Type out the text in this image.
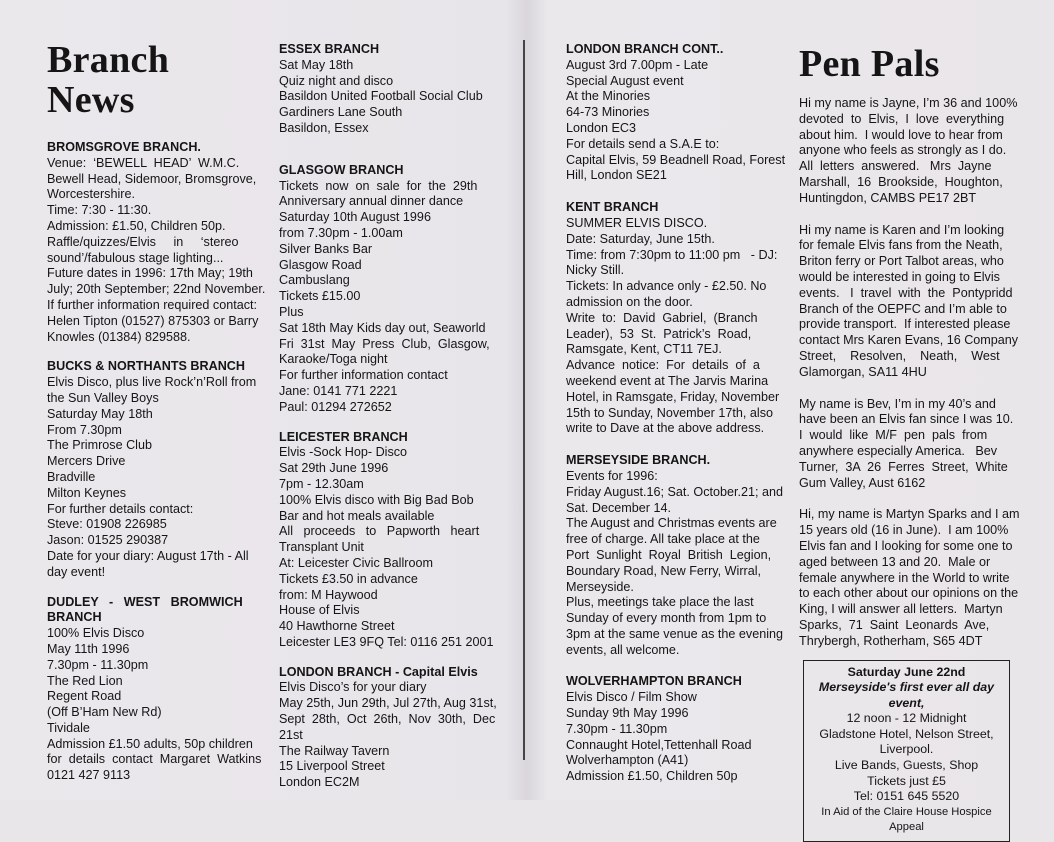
Branch News
BROMSGROVE BRANCH.
Venue:  ‘BEWELL  HEAD’  W.M.C.
Bewell Head, Sidemoor, Bromsgrove,
Worcestershire.
Time: 7:30 - 11:30.
Admission: £1.50, Children 50p.
Raffle/quizzes/Elvis     in     ‘stereo
sound’/fabulous stage lighting...
Future dates in 1996: 17th May; 19th
July; 20th September; 22nd November.
If further information required contact:
Helen Tipton (01527) 875303 or Barry
Knowles (01384) 829588.
BUCKS & NORTHANTS BRANCH
Elvis Disco, plus live Rock’n’Roll from
the Sun Valley Boys
Saturday May 18th
From 7.30pm
The Primrose Club
Mercers Drive
Bradville
Milton Keynes
For further details contact:
Steve: 01908 226985
Jason: 01525 290387
Date for your diary: August 17th - All
day event!
DUDLEY   -   WEST   BROMWICH
BRANCH
100% Elvis Disco
May 11th 1996
7.30pm - 11.30pm
The Red Lion
Regent Road
(Off B’Ham New Rd)
Tividale
Admission £1.50 adults, 50p children
for  details  contact  Margaret  Watkins
0121 427 9113
ESSEX BRANCH
Sat May 18th
Quiz night and disco
Basildon United Football Social Club
Gardiners Lane South
Basildon, Essex
GLASGOW BRANCH
Tickets  now  on  sale  for  the  29th
Anniversary annual dinner dance
Saturday 10th August 1996
from 7.30pm - 1.00am
Silver Banks Bar
Glasgow Road
Cambuslang
Tickets £15.00
Plus
Sat 18th May Kids day out, Seaworld
Fri  31st  May  Press  Club,  Glasgow,
Karaoke/Toga night
For further information contact
Jane: 0141 771 2221
Paul: 01294 272652
LEICESTER BRANCH
Elvis -Sock Hop- Disco
Sat 29th June 1996
7pm - 12.30am
100% Elvis disco with Big Bad Bob
Bar and hot meals available
All   proceeds   to   Papworth   heart
Transplant Unit
At: Leicester Civic Ballroom
Tickets £3.50 in advance
from: M Haywood
House of Elvis
40 Hawthorne Street
Leicester LE3 9FQ Tel: 0116 251 2001
LONDON BRANCH - Capital Elvis
Elvis Disco’s for your diary
May 25th, Jun 29th, Jul 27th, Aug 31st,
Sept  28th,  Oct  26th,  Nov  30th,  Dec
21st
The Railway Tavern
15 Liverpool Street
London EC2M
LONDON BRANCH CONT..
August 3rd 7.00pm - Late
Special August event
At the Minories
64-73 Minories
London EC3
For details send a S.A.E to:
Capital Elvis, 59 Beadnell Road, Forest
Hill, London SE21
KENT BRANCH
SUMMER ELVIS DISCO.
Date: Saturday, June 15th.
Time: from 7:30pm to 11:00 pm   - DJ:
Nicky Still.
Tickets: In advance only - £2.50. No
admission on the door.
Write  to:  David  Gabriel,  (Branch
Leader),  53  St.  Patrick’s  Road,
Ramsgate, Kent, CT11 7EJ.
Advance  notice:  For  details  of  a
weekend event at The Jarvis Marina
Hotel, in Ramsgate, Friday, November
15th to Sunday, November 17th, also
write to Dave at the above address.
MERSEYSIDE BRANCH.
Events for 1996:
Friday August.16; Sat. October.21; and
Sat. December 14.
The August and Christmas events are
free of charge. All take place at the
Port  Sunlight  Royal  British  Legion,
Boundary Road, New Ferry, Wirral,
Merseyside.
Plus, meetings take place the last
Sunday of every month from 1pm to
3pm at the same venue as the evening
events, all welcome.
WOLVERHAMPTON BRANCH
Elvis Disco / Film Show
Sunday 9th May 1996
7.30pm - 11.30pm
Connaught Hotel,Tettenhall Road
Wolverhampton (A41)
Admission £1.50, Children 50p
Pen Pals
Hi my name is Jayne, I’m 36 and 100%
devoted  to  Elvis,  I  love  everything
about him.  I would love to hear from
anyone who feels as strongly as I do.
All  letters  answered.   Mrs  Jayne
Marshall,  16  Brookside,  Houghton,
Huntingdon, CAMBS PE17 2BT
Hi my name is Karen and I’m looking
for female Elvis fans from the Neath,
Briton ferry or Port Talbot areas, who
would be interested in going to Elvis
events.   I  travel  with  the  Pontypridd
Branch of the OEPFC and I’m able to
provide transport.  If interested please
contact Mrs Karen Evans, 16 Company
Street,    Resolven,    Neath,    West
Glamorgan, SA11 4HU
My name is Bev, I’m in my 40’s and
have been an Elvis fan since I was 10.
I  would  like  M/F  pen  pals  from
anywhere especially America.   Bev
Turner,  3A  26  Ferres  Street,  White
Gum Valley, Aust 6162
Hi, my name is Martyn Sparks and I am
15 years old (16 in June).  I am 100%
Elvis fan and I looking for some one to
aged between 13 and 20.  Male or
female anywhere in the World to write
to each other about our opinions on the
King, I will answer all letters.  Martyn
Sparks,  71  Saint  Leonards  Ave,
Thrybergh, Rotherham, S65 4DT
Saturday June 22nd
Merseyside's first ever all day event,
12 noon - 12 Midnight
Gladstone Hotel, Nelson Street,
Liverpool.
Live Bands, Guests, Shop
Tickets just £5
Tel: 0151 645 5520
In Aid of the Claire House Hospice Appeal
